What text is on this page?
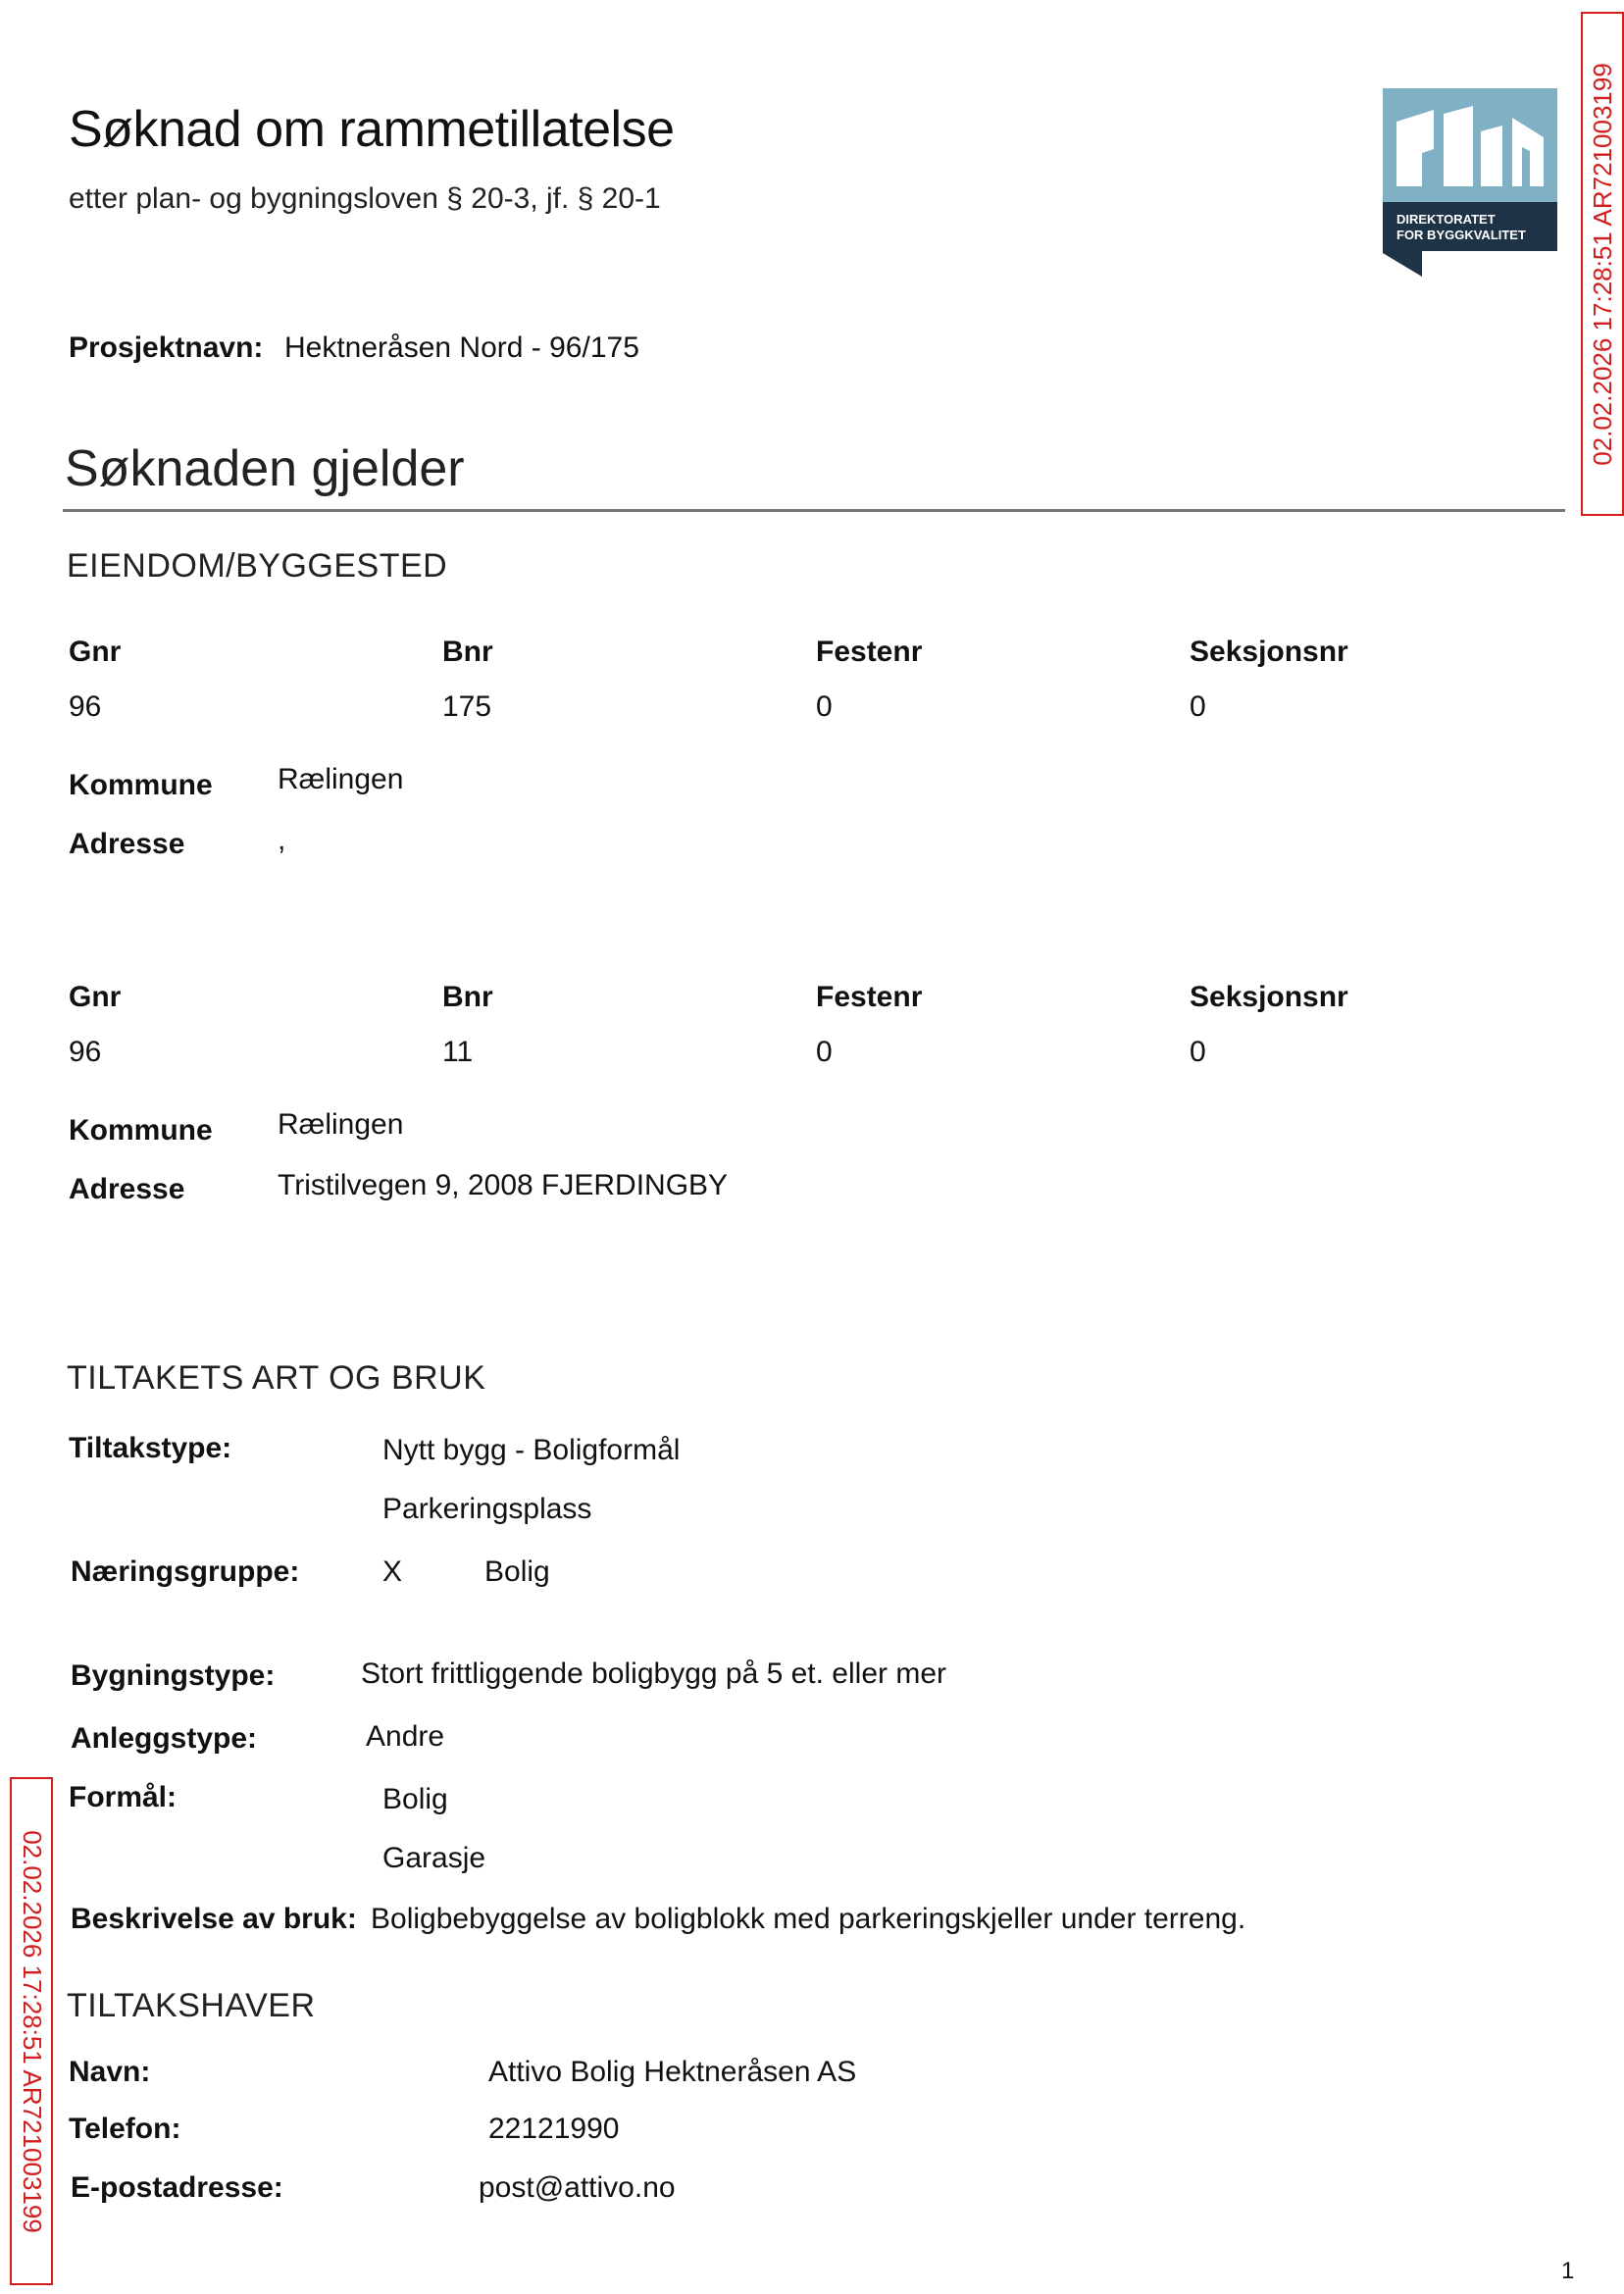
Søknad om rammetillatelse
etter plan- og bygningsloven § 20-3, jf. § 20-1
DIREKTORATET
FOR BYGGKVALITET 02.02.2026 17:28:51 AR721003199
Prosjektnavn: Hektneråsen Nord - 96/175
Søknaden gjelder
EIENDOM/BYGGESTED
Gnr	Bnr	Festenr	Seksjonsnr
96	175	0	0
Kommune Rælingen
Adresse	,
Gnr	Bnr	Festenr	Seksjonsnr
96	11	0	0
Kommune Rælingen
Adresse	Tristilvegen 9, 2008 FJERDINGBY
TILTAKETS ART OG BRUK
Tiltakstype:	Nytt bygg - Boligformål
Parkeringsplass
Næringsgruppe:	X	Bolig
Bygningstype:	Stort frittliggende boligbygg på 5 et. eller mer
Anleggstype:	Andre
Formål:	Bolig
Garasje
Beskrivelse av bruk: Boligbebyggelse av boligblokk med parkeringskjeller under terreng.
TILTAKSHAVER
Navn:	Attivo Bolig Hektneråsen AS
Telefon:	22121990
E-postadresse:	post@attivo.no
02.02.2026 17:28:51 AR721003199
1
